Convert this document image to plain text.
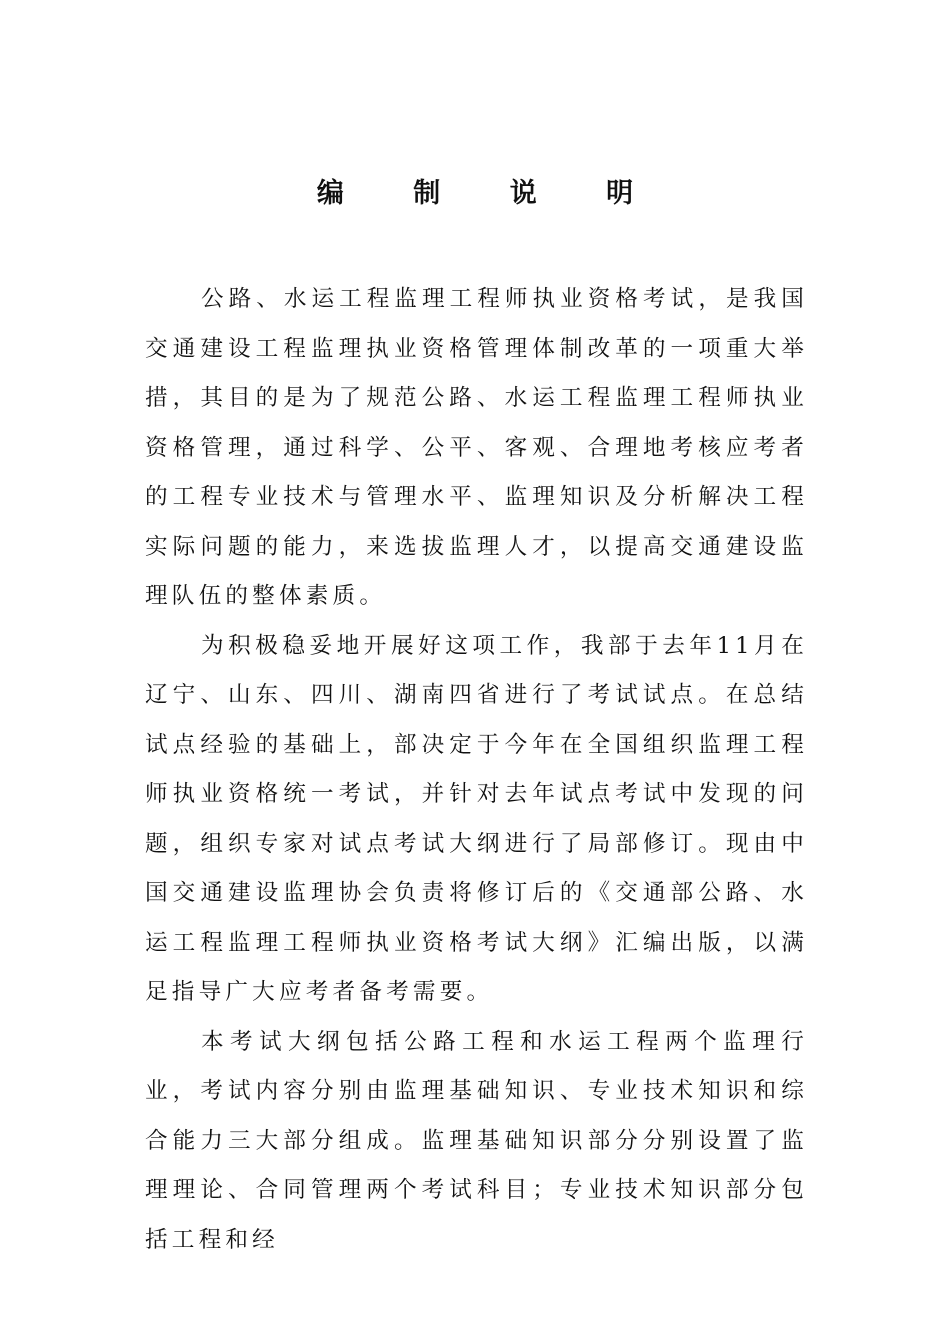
编 制 说 明

公路、水运工程监理工程师执业资格考试，是我国交通建设工程监理执业资格管理体制改革的一项重大举措，其目的是为了规范公路、水运工程监理工程师执业资格管理，通过科学、公平、客观、合理地考核应考者的工程专业技术与管理水平、监理知识及分析解决工程实际问题的能力，来选拔监理人才，以提高交通建设监理队伍的整体素质。

为积极稳妥地开展好这项工作，我部于去年11月在辽宁、山东、四川、湖南四省进行了考试试点。在总结试点经验的基础上，部决定于今年在全国组织监理工程师执业资格统一考试，并针对去年试点考试中发现的问题，组织专家对试点考试大纲进行了局部修订。现由中国交通建设监理协会负责将修订后的《交通部公路、水运工程监理工程师执业资格考试大纲》汇编出版，以满足指导广大应考者备考需要。

本考试大纲包括公路工程和水运工程两个监理行业，考试内容分别由监理基础知识、专业技术知识和综合能力三大部分组成。监理基础知识部分分别设置了监理理论、合同管理两个考试科目；专业技术知识部分包括工程和经
